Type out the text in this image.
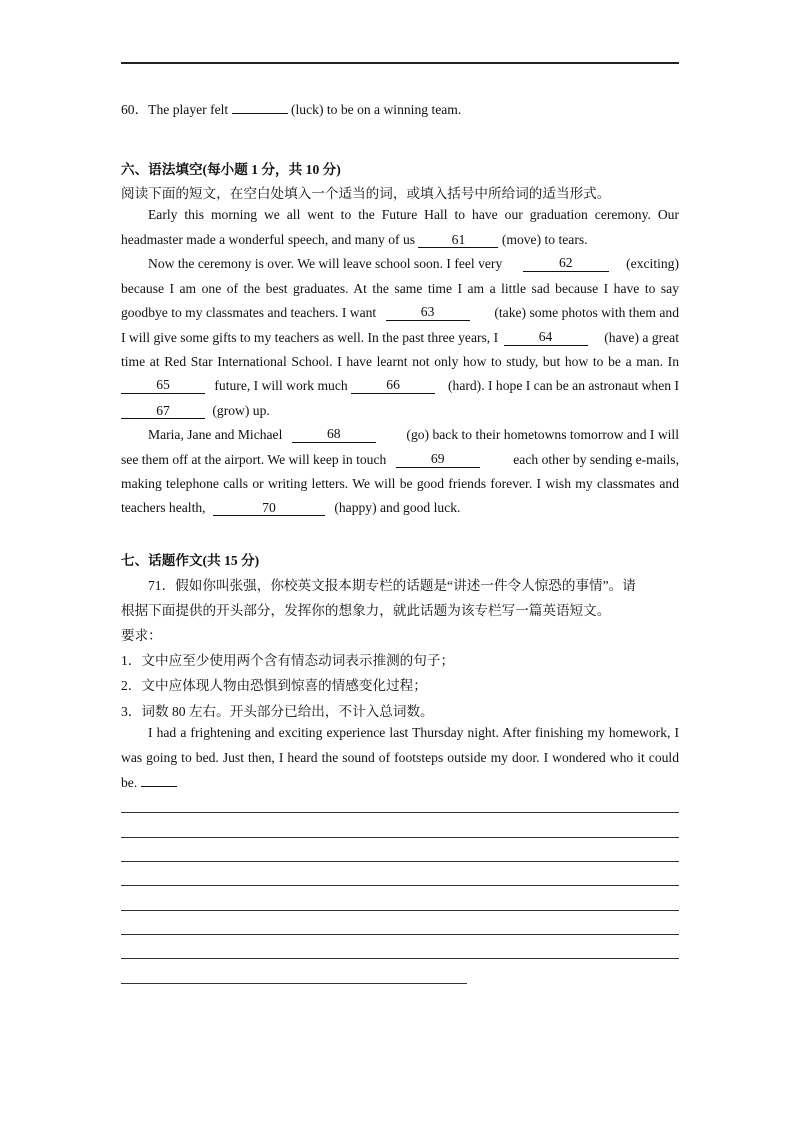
60．The player felt	(luck) to be on a winning team.
六、语法填空(每小题 1 分，共 10 分)
阅读下面的短文，在空白处填入一个适当的词，或填入括号中所给词的适当形式。
Early this morning we all went to the Future Hall to have our graduation ceremony. Our
headmaster made a wonderful speech, and many of us 61 (move) to tears.
Now the ceremony is over. We will leave school soon. I feel very	62	(exciting)
because I am one of the best graduates. At the same time I am a little sad because I have to say
goodbye to my classmates and teachers. I want	63	(take) some photos with them and
I will give some gifts to my teachers as well. In the past three years, I	64	(have) a great
time at Red Star International School. I have learnt not only how to study, but how to be a man. In
65	future, I will work much	66	(hard). I hope I can be an astronaut when I
67	(grow) up.
Maria, Jane and Michael	68	(go) back to their hometowns tomorrow and I will
see them off at the airport. We will keep in touch	69	each other by sending e-mails,
making telephone calls or writing letters. We will be good friends forever. I wish my classmates and
teachers health,	70	(happy) and good luck.
七、话题作文(共 15 分)
71．假如你叫张强，你校英文报本期专栏的话题是“讲述一件令人惊恐的事情”。请
根据下面提供的开头部分，发挥你的想象力，就此话题为该专栏写一篇英语短文。
要求：
1．文中应至少使用两个含有情态动词表示推测的句子；
2．文中应体现人物由恐惧到惊喜的情感变化过程；
3．词数 80 左右。开头部分已给出，不计入总词数。
I had a frightening and exciting experience last Thursday night. After finishing my homework, I
was going to bed. Just then, I heard the sound of footsteps outside my door. I wondered who it could
be.
